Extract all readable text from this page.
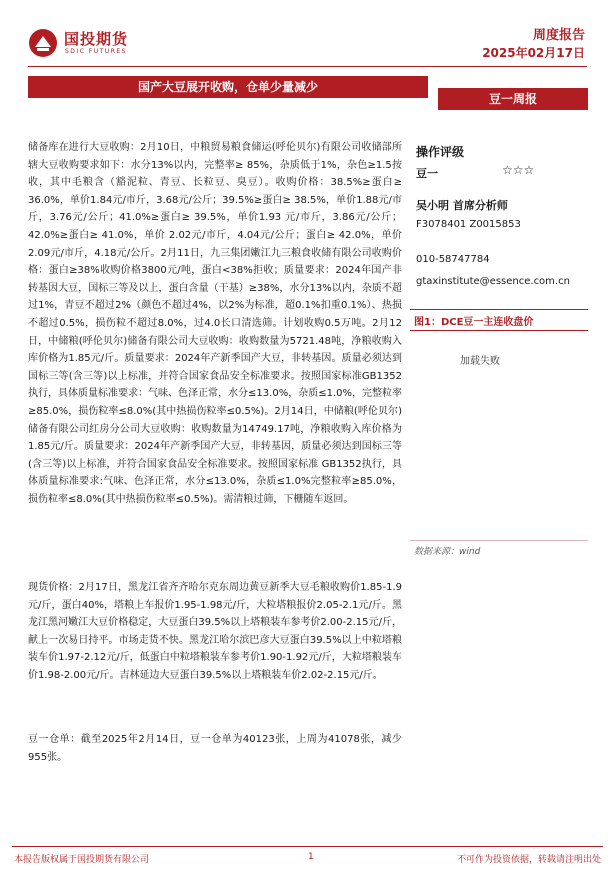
国投期货
SDIC FUTURES
周度报告
2025年02月17日
国产大豆展开收购，仓单少量减少
豆一周报

储备库在进行大豆收购：2月10日，中粮贸易粮食储运(呼伦贝尔)有限公司收储部所辖大豆收购要求如下：水分13%以内，完整率≥ 85%，杂质低于1%，杂色≥1.5按收，其中毛粮含（豁泥粒、青豆、长粒豆、臭豆）。收购价格：38.5%≥蛋白≥ 36.0%，单价1.84元/市斤，3.68元/公斤；39.5%≥蛋白≥ 38.5%，单价1.88元/市斤，3.76元/公斤；41.0%≥蛋白≥ 39.5%，单价1.93 元/市斤，3.86元/公斤；42.0%≥蛋白≥ 41.0%，单价 2.02元/市斤，4.04元/公斤；蛋白≥ 42.0%，单价2.09元/市斤，4.18元/公斤。2月11日，九三集团嫩江九三粮食收储有限公司收购价格：蛋白≥38%收购价格3800元/吨，蛋白<38%拒收；质量要求：2024年国产非转基因大豆，国标三等及以上，蛋白含量（干基）≥38%，水分13%以内，杂质不超过1%，青豆不超过2%（颜色不超过4%，以2%为标准，超0.1%扣重0.1%）、热损不超过0.5%，损伤粒不超过8.0%，过4.0长口清选筛。计划收购0.5万吨。2月12日，中储粮(呼伦贝尔)储备有限公司大豆收购：收购数量为5721.48吨，净粮收购入库价格为1.85元/斤。质量要求：2024年产新季国产大豆，非转基因。质量必须达到国标三等(含三等)以上标准，并符合国家食品安全标准要求。按照国家标准GB1352执行，具体质量标准要求：气味、色泽正常，水分≤13.0%，杂质≤1.0%，完整粒率≥85.0%，损伤粒率≤8.0%(其中热损伤粒率≤0.5%)。2月14日，中储粮(呼伦贝尔)储备有限公司红房分公司大豆收购：收购数量为14749.17吨，净粮收购入库价格为1.85元/斤。质量要求：2024年产新季国产大豆，非转基因，质量必须达到国标三等(含三等)以上标准，并符合国家食品安全标准要求。按照国家标准 GB1352执行，具体质量标准要求:气味、色泽正常，水分≤13.0%，杂质≤1.0%完整粒率≥85.0%，损伤粒率≤8.0%(其中热损伤粒率≤0.5%)。需清粮过筛，下栅随车返回。

现货价格：2月17日，黑龙江省齐齐哈尔克东周边黄豆新季大豆毛粮收购价1.85-1.9元/斤，蛋白40%，塔粮上车报价1.95-1.98元/斤，大粒塔粮报价2.05-2.1元/斤。黑龙江黑河嫩江大豆价格稳定，大豆蛋白39.5%以上塔粮装车参考价2.00-2.15元/斤，献上一次易日持平。市场走货不快。黑龙江哈尔滨巴彦大豆蛋白39.5%以上中粒塔粮装车价1.97-2.12元/斤，低蛋白中粒塔粮装车参考价1.90-1.92元/斤，大粒塔粮装车价1.98-2.00元/斤。吉林延边大豆蛋白39.5%以上塔粮装车价2.02-2.15元/斤。

豆一仓单：截至2025年2月14日，豆一仓单为40123张，上周为41078张，减少955张。

操作评级
豆一	☆☆☆
吴小明 首席分析师
F3078401 Z0015853
010-58747784
gtaxinstitute@essence.com.cn
图1：DCE豆一主连收盘价
加载失败
数据来源：wind
本报告版权属于国投期货有限公司	1	不可作为投资依据，转载请注明出处
